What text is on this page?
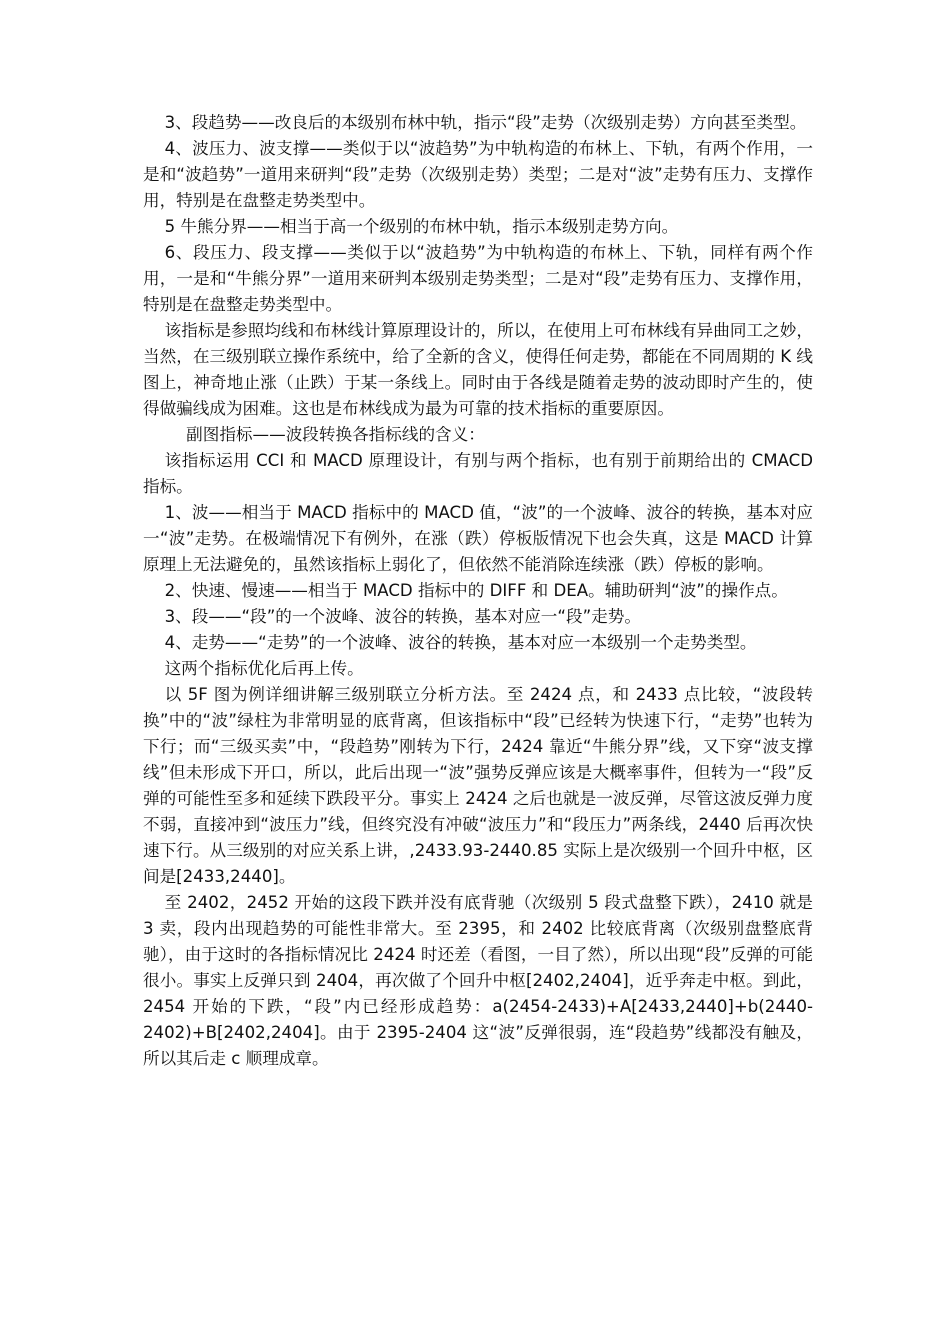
3、段趋势——改良后的本级别布林中轨，指示“段”走势（次级别走势）方向甚至类型。

4、波压力、波支撑——类似于以“波趋势”为中轨构造的布林上、下轨，有两个作用，一是和“波趋势”一道用来研判“段”走势（次级别走势）类型；二是对“波”走势有压力、支撑作用，特别是在盘整走势类型中。

5 牛熊分界——相当于高一个级别的布林中轨，指示本级别走势方向。

6、段压力、段支撑——类似于以“波趋势”为中轨构造的布林上、下轨，同样有两个作用，一是和“牛熊分界”一道用来研判本级别走势类型；二是对“段”走势有压力、支撑作用，特别是在盘整走势类型中。

该指标是参照均线和布林线计算原理设计的，所以，在使用上可布林线有异曲同工之妙，当然，在三级别联立操作系统中，给了全新的含义，使得任何走势，都能在不同周期的 K 线图上，神奇地止涨（止跌）于某一条线上。同时由于各线是随着走势的波动即时产生的，使得做骗线成为困难。这也是布林线成为最为可靠的技术指标的重要原因。

副图指标——波段转换各指标线的含义：

该指标运用 CCI 和 MACD 原理设计，有别与两个指标，也有别于前期给出的 CMACD 指标。

1、波——相当于 MACD 指标中的 MACD 值，“波”的一个波峰、波谷的转换，基本对应一“波”走势。在极端情况下有例外，在涨（跌）停板版情况下也会失真，这是 MACD 计算原理上无法避免的，虽然该指标上弱化了，但依然不能消除连续涨（跌）停板的影响。

2、快速、慢速——相当于 MACD 指标中的 DIFF 和 DEA。辅助研判“波”的操作点。

3、段——“段”的一个波峰、波谷的转换，基本对应一“段”走势。

4、走势——“走势”的一个波峰、波谷的转换，基本对应一本级别一个走势类型。

这两个指标优化后再上传。

以 5F 图为例详细讲解三级别联立分析方法。至 2424 点，和 2433 点比较，“波段转换”中的“波”绿柱为非常明显的底背离，但该指标中“段”已经转为快速下行，“走势”也转为下行；而“三级买卖”中，“段趋势”刚转为下行，2424 靠近“牛熊分界”线，又下穿“波支撑线”但未形成下开口，所以，此后出现一“波”强势反弹应该是大概率事件，但转为一“段”反弹的可能性至多和延续下跌段平分。事实上 2424 之后也就是一波反弹，尽管这波反弹力度不弱，直接冲到“波压力”线，但终究没有冲破“波压力”和“段压力”两条线，2440 后再次快速下行。从三级别的对应关系上讲，,2433.93-2440.85 实际上是次级别一个回升中枢，区间是[2433,2440]。

至 2402，2452 开始的这段下跌并没有底背驰（次级别 5 段式盘整下跌），2410 就是 3 卖，段内出现趋势的可能性非常大。至 2395，和 2402 比较底背离（次级别盘整底背驰），由于这时的各指标情况比 2424 时还差（看图，一目了然），所以出现“段”反弹的可能很小。事实上反弹只到 2404，再次做了个回升中枢[2402,2404]，近乎奔走中枢。到此，2454 开始的下跌，“段”内已经形成趋势：a(2454-2433)+A[2433,2440]+b(2440-2402)+B[2402,2404]。由于 2395-2404 这“波”反弹很弱，连“段趋势”线都没有触及，所以其后走 c 顺理成章。
